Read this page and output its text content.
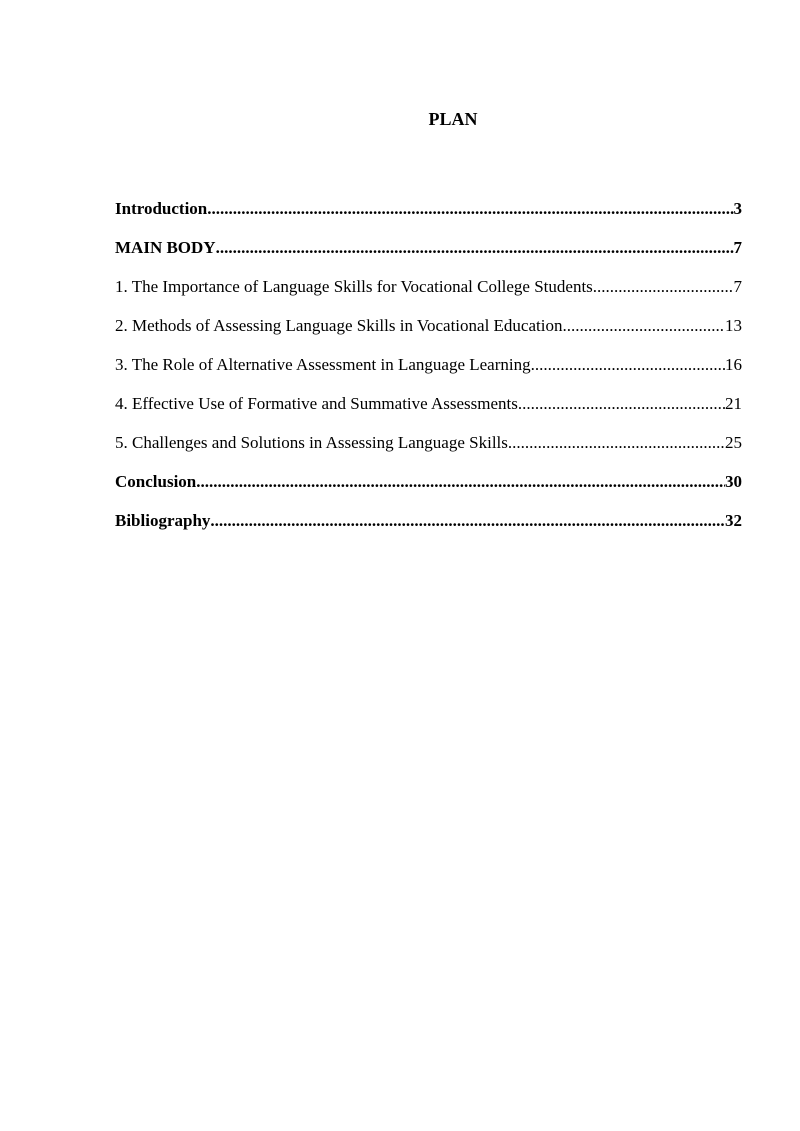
PLAN
Introduction .....	3
MAIN BODY .....	7
1. The Importance of Language Skills for Vocational College Students .....	7
2. Methods of Assessing Language Skills in Vocational Education .....	13
3. The Role of Alternative Assessment in Language Learning .....	16
4. Effective Use of Formative and Summative Assessments .....	21
5. Challenges and Solutions in Assessing Language Skills .....	25
Conclusion .....	30
Bibliography .....	32
